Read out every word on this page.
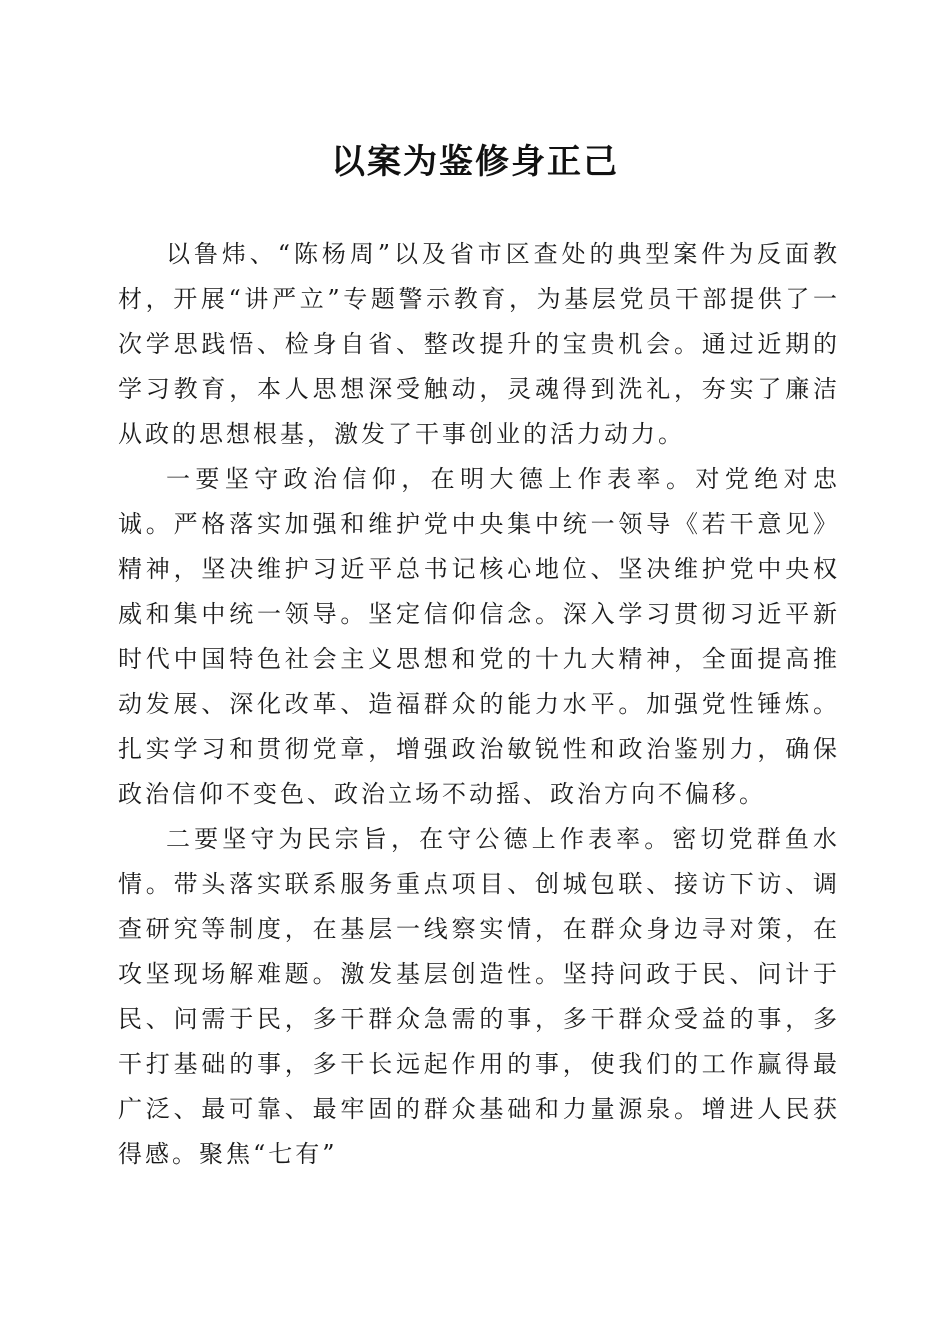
以案为鉴修身正己

以鲁炜、“陈杨周”以及省市区查处的典型案件为反面教材，开展“讲严立”专题警示教育，为基层党员干部提供了一次学思践悟、检身自省、整改提升的宝贵机会。通过近期的学习教育，本人思想深受触动，灵魂得到洗礼，夯实了廉洁从政的思想根基，激发了干事创业的活力动力。

一要坚守政治信仰，在明大德上作表率。对党绝对忠诚。严格落实加强和维护党中央集中统一领导《若干意见》精神，坚决维护习近平总书记核心地位、坚决维护党中央权威和集中统一领导。坚定信仰信念。深入学习贯彻习近平新时代中国特色社会主义思想和党的十九大精神，全面提高推动发展、深化改革、造福群众的能力水平。加强党性锤炼。扎实学习和贯彻党章，增强政治敏锐性和政治鉴别力，确保政治信仰不变色、政治立场不动摇、政治方向不偏移。

二要坚守为民宗旨，在守公德上作表率。密切党群鱼水情。带头落实联系服务重点项目、创城包联、接访下访、调查研究等制度，在基层一线察实情，在群众身边寻对策，在攻坚现场解难题。激发基层创造性。坚持问政于民、问计于民、问需于民，多干群众急需的事，多干群众受益的事，多干打基础的事，多干长远起作用的事，使我们的工作赢得最广泛、最可靠、最牢固的群众基础和力量源泉。增进人民获得感。聚焦“七有”
